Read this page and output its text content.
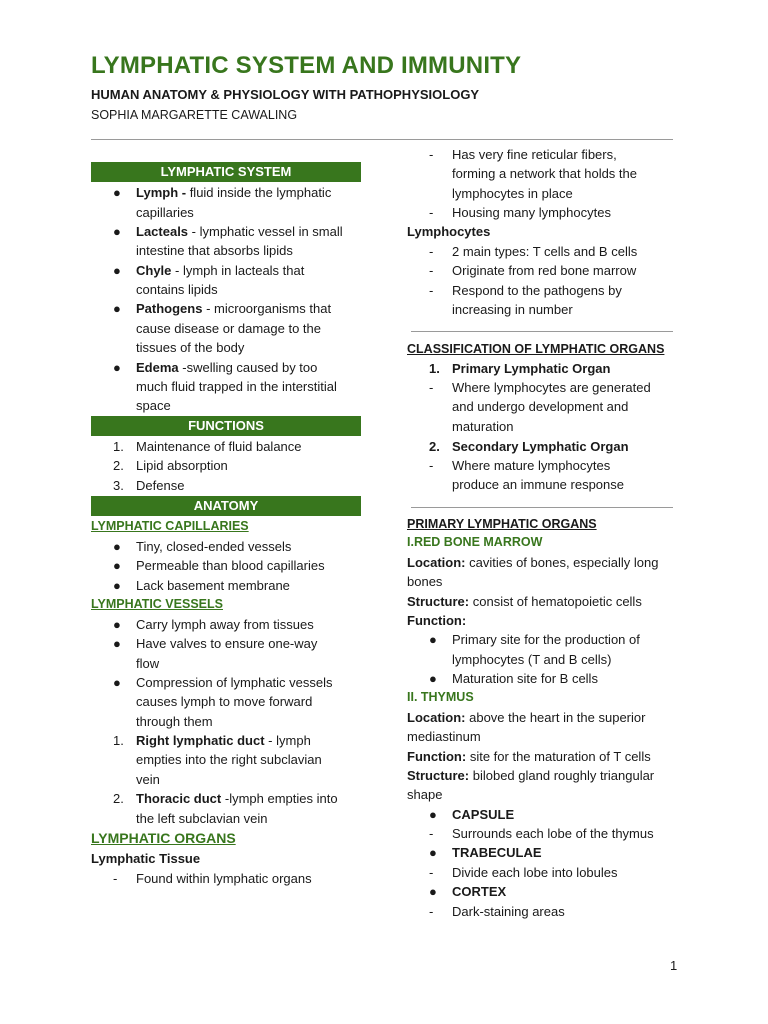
LYMPHATIC SYSTEM AND IMMUNITY
HUMAN ANATOMY & PHYSIOLOGY WITH PATHOPHYSIOLOGY
SOPHIA MARGARETTE CAWALING
LYMPHATIC SYSTEM
● Lymph - fluid inside the lymphatic
capillaries
● Lacteals - lymphatic vessel in small
intestine that absorbs lipids
● Chyle - lymph in lacteals that
contains lipids
● Pathogens - microorganisms that
cause disease or damage to the
tissues of the body
● Edema -swelling caused by too
much fluid trapped in the interstitial
space
FUNCTIONS
1. Maintenance of fluid balance
2. Lipid absorption
3. Defense
ANATOMY
LYMPHATIC CAPILLARIES
● Tiny, closed-ended vessels
● Permeable than blood capillaries
● Lack basement membrane
LYMPHATIC VESSELS
● Carry lymph away from tissues
● Have valves to ensure one-way
flow
● Compression of lymphatic vessels
causes lymph to move forward
through them
1. Right lymphatic duct - lymph
empties into the right subclavian
vein
2. Thoracic duct -lymph empties into
the left subclavian vein
LYMPHATIC ORGANS
Lymphatic Tissue
- Found within lymphatic organs
- Has very fine reticular fibers,
forming a network that holds the
lymphocytes in place
- Housing many lymphocytes
Lymphocytes
- 2 main types: T cells and B cells
- Originate from red bone marrow
- Respond to the pathogens by
increasing in number
CLASSIFICATION OF LYMPHATIC ORGANS
1. Primary Lymphatic Organ
- Where lymphocytes are generated
and undergo development and
maturation
2. Secondary Lymphatic Organ
- Where mature lymphocytes
produce an immune response
PRIMARY LYMPHATIC ORGANS
I.RED BONE MARROW
Location: cavities of bones, especially long
bones
Structure: consist of hematopoietic cells
Function:
● Primary site for the production of
lymphocytes (T and B cells)
● Maturation site for B cells
II. THYMUS
Location: above the heart in the superior
mediastinum
Function: site for the maturation of T cells
Structure: bilobed gland roughly triangular
shape
● CAPSULE
- Surrounds each lobe of the thymus
● TRABECULAE
- Divide each lobe into lobules
● CORTEX
- Dark-staining areas
1
